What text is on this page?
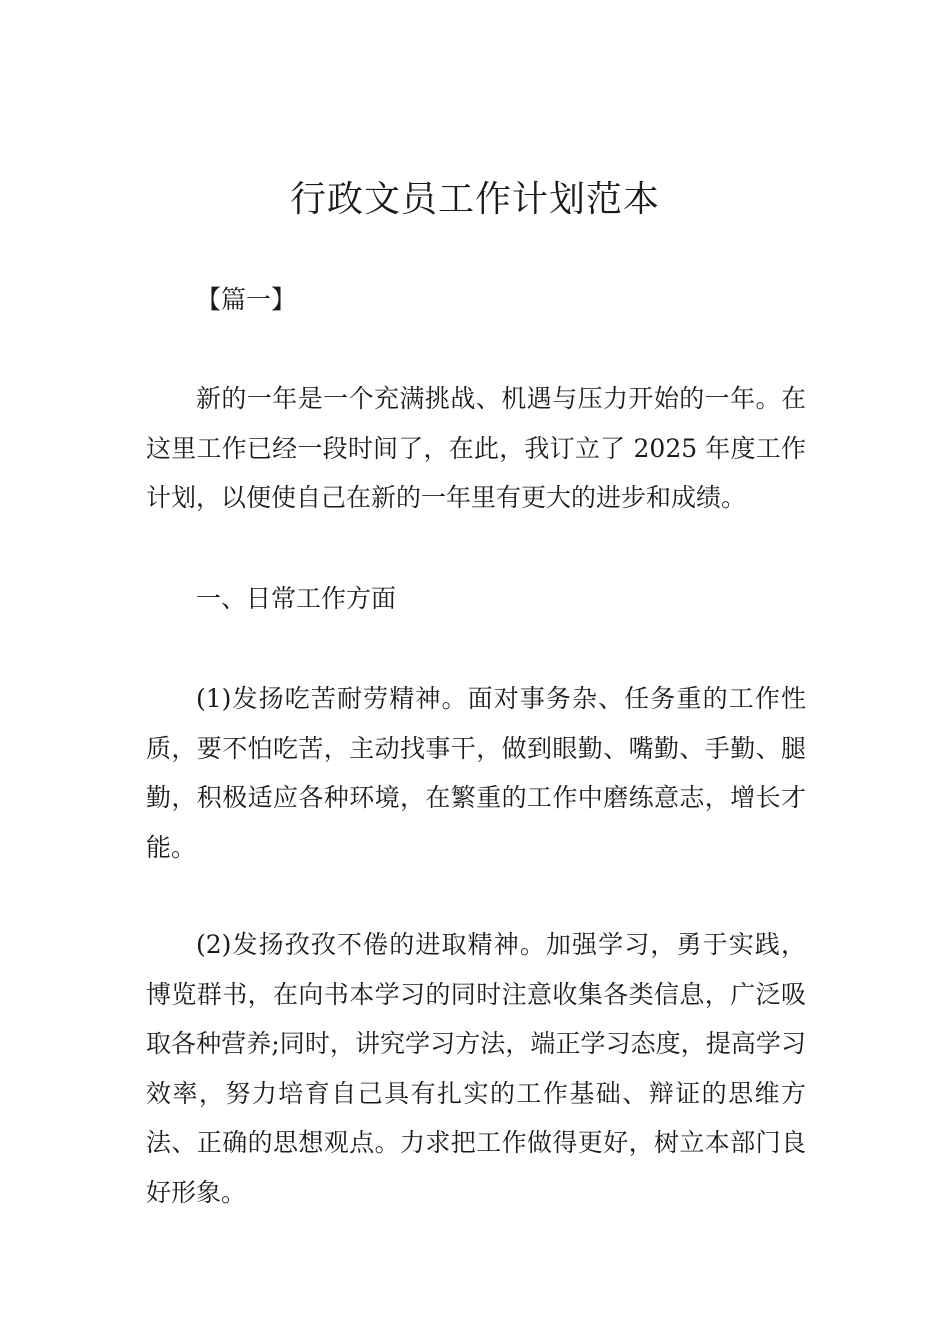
行政文员工作计划范本

【篇一】

新的一年是一个充满挑战、机遇与压力开始的一年。在这里工作已经一段时间了，在此，我订立了 2025 年度工作计划，以便使自己在新的一年里有更大的进步和成绩。

一、日常工作方面

(1)发扬吃苦耐劳精神。面对事务杂、任务重的工作性质，要不怕吃苦，主动找事干，做到眼勤、嘴勤、手勤、腿勤，积极适应各种环境，在繁重的工作中磨练意志，增长才能。

(2)发扬孜孜不倦的进取精神。加强学习，勇于实践，博览群书，在向书本学习的同时注意收集各类信息，广泛吸取各种营养;同时，讲究学习方法，端正学习态度，提高学习效率，努力培育自己具有扎实的工作基础、辩证的思维方法、正确的思想观点。力求把工作做得更好，树立本部门良好形象。
